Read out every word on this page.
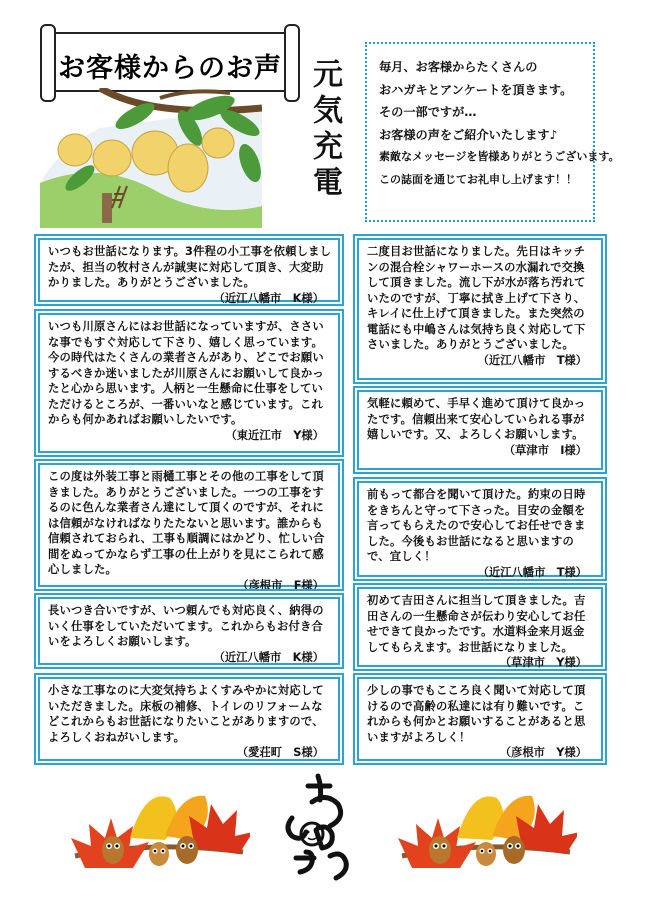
お客様からのお声 元気充電	毎月、お客様からたくさんの

おハガキとアンケートを頂きます。

その一部ですが…

お客様の声をご紹介いたします♪

素敵なメッセージを皆様ありがとうございます。

この誌面を通じてお礼申し上げます！！

いつもお世話になります。3件程の小工事を依頼しましたが、担当の牧村さんが誠実に対応して頂き、大変助かりました。ありがとうございました。

（近江八幡市　K様）

いつも川原さんにはお世話になっていますが、ささいな事でもすぐ対応して下さり、嬉しく思っています。今の時代はたくさんの業者さんがあり、どこでお願いするべきか迷いましたが川原さんにお願いして良かったと心から思います。人柄と一生懸命に仕事をしていただけるところが、一番いいなと感じています。これからも何かあればお願いしたいです。

（東近江市　Y様）

この度は外装工事と雨樋工事とその他の工事をして頂きました。ありがとうございました。一つの工事をするのに色んな業者さん達にして頂くのですが、それには信頼がなければなりたたないと思います。誰からも信頼されておられ、工事も順調にはかどり、忙しい合間をぬってかならず工事の仕上がりを見にこられて感心しました。

（彦根市　F様）

長いつき合いですが、いつ頼んでも対応良く、納得のいく仕事をしていただいてます。これからもお付き合いをよろしくお願いします。

（近江八幡市　K様）

小さな工事なのに大変気持ちよくすみやかに対応していただきました。床板の補修、トイレのリフォームなどこれからもお世話になりたいことがありますので、よろしくおねがいします。

（愛荘町　S様）

二度目お世話になりました。先日はキッチンの混合栓シャワーホースの水漏れで交換して頂きました。流し下が水が落ち汚れていたのですが、丁寧に拭き上げて下さり、キレイに仕上げて頂きました。また突然の電話にも中嶋さんは気持ち良く対応して下さいました。ありがとうございました。

（近江八幡市　T様）

気軽に頼めて、手早く進めて頂けて良かったです。信頼出来て安心していられる事が嬉しいです。又、よろしくお願いします。

（草津市　I様）

前もって都合を聞いて頂けた。約束の日時をきちんと守って下さった。目安の金額を言ってもらえたので安心してお任せできました。今後もお世話になると思いますので、宜しく！

（近江八幡市　T様）

初めて吉田さんに担当して頂きました。吉田さんの一生懸命さが伝わり安心してお任せできて良かったです。水道料金来月返金してもらえます。お世話になりました。

（草津市　Y様）

少しの事でもこころ良く聞いて対応して頂けるので高齢の私達には有り難いです。これからも何かとお願いすることがあると思いますがよろしく！

（彦根市　Y様）
